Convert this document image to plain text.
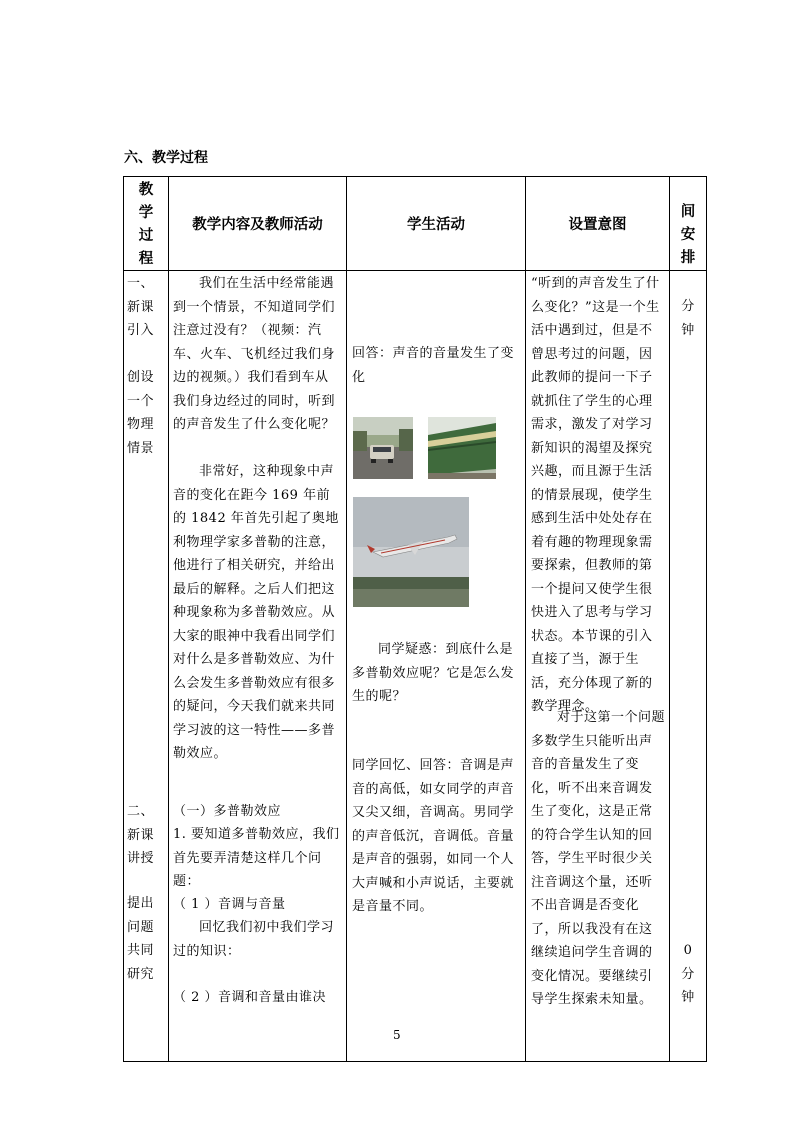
六、教学过程
教
学
过
程
教学内容及教师活动	学生活动	设置意图
间
安
排
一、
新课
引入
创设
一个
物理
情景
二、
新课
讲授
提出
问题
共同
研究
我们在生活中经常能遇到一个情景，不知道同学们注意过没有？（视频：汽车、火车、飞机经过我们身边的视频。）我们看到车从我们身边经过的同时，听到的声音发生了什么变化呢？
非常好，这种现象中声音的变化在距今 169 年前的 1842 年首先引起了奥地利物理学家多普勒的注意，他进行了相关研究，并给出最后的解释。之后人们把这种现象称为多普勒效应。从大家的眼神中我看出同学们对什么是多普勒效应、为什么会发生多普勒效应有很多的疑问，今天我们就来共同学习波的这一特性——多普勒效应。
（一）多普勒效应
1. 要知道多普勒效应，我们首先要弄清楚这样几个问题：
（ 1 ）音调与音量
回忆我们初中我们学习过的知识：
（ 2 ）音调和音量由谁决
回答：声音的音量发生了变化
同学疑惑：到底什么是多普勒效应呢？它是怎么发生的呢？
同学回忆、回答：音调是声音的高低，如女同学的声音又尖又细，音调高。男同学的声音低沉，音调低。音量是声音的强弱，如同一个人大声喊和小声说话，主要就是音量不同。
“听到的声音发生了什么变化？”这是一个生活中遇到过，但是不曾思考过的问题，因此教师的提问一下子就抓住了学生的心理需求，激发了对学习新知识的渴望及探究兴趣，而且源于生活的情景展现，使学生感到生活中处处存在着有趣的物理现象需要探索，但教师的第一个提问又使学生很快进入了思考与学习状态。本节课的引入直接了当，源于生活，充分体现了新的教学理念。
对于这第一个问题多数学生只能听出声音的音量发生了变化，听不出来音调发生了变化，这是正常的符合学生认知的回答，学生平时很少关注音调这个量，还听不出音调是否变化了，所以我没有在这继续追问学生音调的变化情况。要继续引导学生探索未知量。
分
钟
0
分
钟
5
